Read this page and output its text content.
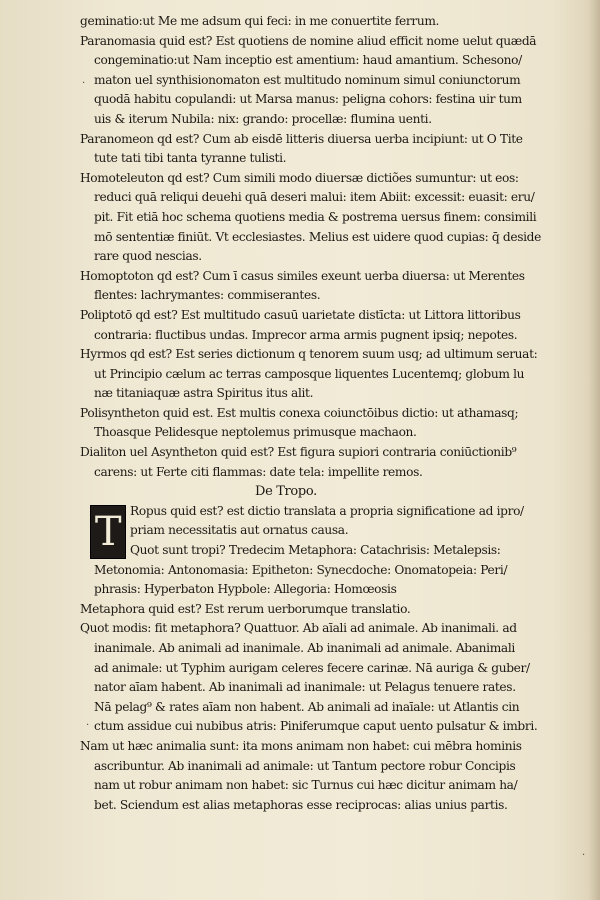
geminatio:ut Me me adsum qui feci: in me conuertite ferrum.
Paranomasia quid est? Est quotiens de nomine aliud efficit nome uelut quædā
congeminatio:ut Nam inceptio est amentium: haud amantium. Schesono/
maton uel synthisionomaton est multitudo nominum simul coniunctorum
quodā habitu copulandi: ut Marsa manus: peligna cohors: festina uir tum
uis & iterum Nubila: nix: grando: procellæ: flumina uenti.
Paranomeon qd est? Cum ab eisdē litteris diuersa uerba incipiunt: ut O Tite
tute tati tibi tanta tyranne tulisti.
Homoteleuton qd est? Cum simili modo diuersæ dictiões sumuntur: ut eos:
reduci quā reliqui deuehi quā deseri malui: item Abiit: excessit: euasit: eru/
pit. Fit etiā hoc schema quotiens media & postrema uersus finem: consimili
mō sententiæ finiūt. Vt ecclesiastes. Melius est uidere quod cupias: q̄ deside
rare quod nescias.
Homoptoton qd est? Cum ī casus similes exeunt uerba diuersa: ut Merentes
flentes: lachrymantes: commiserantes.
Poliptotō qd est? Est multitudo casuū uarietate distīcta: ut Littora littoribus
contraria: fluctibus undas. Imprecor arma armis pugnent ipsiq; nepotes.
Hyrmos qd est? Est series dictionum q tenorem suum usq; ad ultimum seruat:
ut Principio cælum ac terras camposque liquentes Lucentemq; globum lu
næ titaniaquæ astra Spiritus itus alit.
Polisyntheton quid est. Est multis conexa coiunctōibus dictio: ut athamasq;
Thoasque Pelidesque neptolemus primusque machaon.
Dialiton uel Asyntheton quid est? Est figura supiori contraria coniūctionib⁹
carens: ut Ferte citi flammas: date tela: impellite remos.
De Tropo.
T Ropus quid est? est dictio translata a propria significatione ad ipro/
priam necessitatis aut ornatus causa.
Quot sunt tropi? Tredecim Metaphora: Catachrisis: Metalepsis:
Metonomia: Antonomasia: Epitheton: Synecdoche: Onomatopeia: Peri/
phrasis: Hyperbaton Hypbole: Allegoria: Homœosis
Metaphora quid est? Est rerum uerborumque translatio.
Quot modis: fit metaphora? Quattuor. Ab aīali ad animale. Ab inanimali. ad
inanimale. Ab animali ad inanimale. Ab inanimali ad animale. Abanimali
ad animale: ut Typhim aurigam celeres fecere carinæ. Nā auriga & guber/
nator aīam habent. Ab inanimali ad inanimale: ut Pelagus tenuere rates.
Nā pelag⁹ & rates aīam non habent. Ab animali ad inaīale: ut Atlantis cin
ctum assidue cui nubibus atris: Piniferumque caput uento pulsatur & imbri.
Nam ut hæc animalia sunt: ita mons animam non habet: cui mēbra hominis
ascribuntur. Ab inanimali ad animale: ut Tantum pectore robur Concipis
nam ut robur animam non habet: sic Turnus cui hæc dicitur animam ha/
bet. Sciendum est alias metaphoras esse reciprocas: alias unius partis.
·
·
·
